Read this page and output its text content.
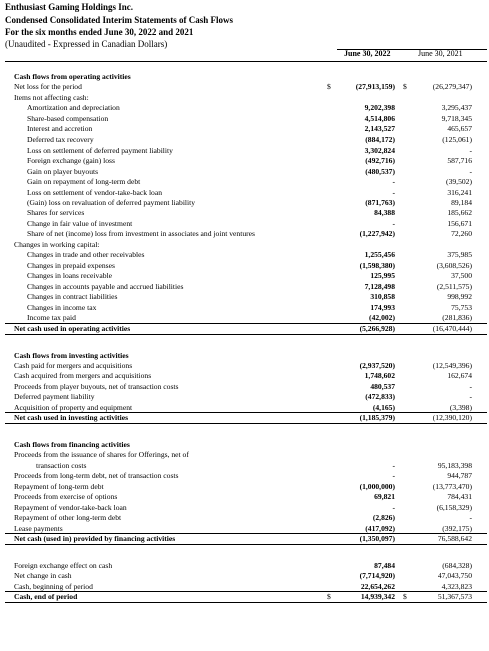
Enthusiast Gaming Holdings Inc.
Condensed Consolidated Interim Statements of Cash Flows
For the six months ended June 30, 2022 and 2021
(Unaudited - Expressed in Canadian Dollars)
June 30, 2022	June 30, 2021
Cash flows from operating activities
Net loss for the period	$	(27,913,159) $	(26,279,347)
Items not affecting cash:
Amortization and depreciation	9,202,398	3,295,437
Share-based compensation	4,514,806	9,718,345
Interest and accretion	2,143,527	465,657
Deferred tax recovery	(884,172)	(125,061)
Loss on settlement of deferred payment liability	3,302,824	-
Foreign exchange (gain) loss	(492,716)	587,716
Gain on player buyouts	(480,537)	-
Gain on repayment of long-term debt	-	(39,502)
Loss on settlement of vendor-take-back loan	-	316,241
(Gain) loss on revaluation of deferred payment liability	(871,763)	89,184
Shares for services	84,388	185,662
Change in fair value of investment	-	156,671
Share of net (income) loss from investment in associates and joint ventures	(1,227,942)	72,260
Changes in working capital:
Changes in trade and other receivables	1,255,456	375,985
Changes in prepaid expenses	(1,598,380)	(3,608,526)
Changes in loans receivable	125,995	37,500
Changes in accounts payable and accrued liabilities	7,128,498	(2,511,575)
Changes in contract liabilities	310,858	998,992
Changes in income tax	174,993	75,753
Income tax paid	(42,002)	(281,836)
Net cash used in operating activities	(5,266,928)	(16,470,444)
Cash flows from investing activities
Cash paid for mergers and acquisitions	(2,937,520)	(12,549,396)
Cash acquired from mergers and acquisitions	1,748,602	162,674
Proceeds from player buyouts, net of transaction costs	480,537	-
Deferred payment liability	(472,833)	-
Acquisition of property and equipment	(4,165)	(3,398)
Net cash used in investing activities	(1,185,379)	(12,390,120)
Cash flows from financing activities
Proceeds from the issuance of shares for Offerings, net of
transaction costs	-	95,183,398
Proceeds from long-term debt, net of transaction costs	-	944,787
Repayment of long-term debt	(1,000,000)	(13,773,470)
Proceeds from exercise of options	69,821	784,431
Repayment of vendor-take-back loan	-	(6,158,329)
Repayment of other long-term debt	(2,826)	-
Lease payments	(417,092)	(392,175)
Net cash (used in) provided by financing activities	(1,350,097)	76,588,642
Foreign exchange effect on cash	87,484	(684,328)
Net change in cash	(7,714,920)	47,043,750
Cash, beginning of period	22,654,262	4,323,823
Cash, end of period	$	14,939,342 $	51,367,573
